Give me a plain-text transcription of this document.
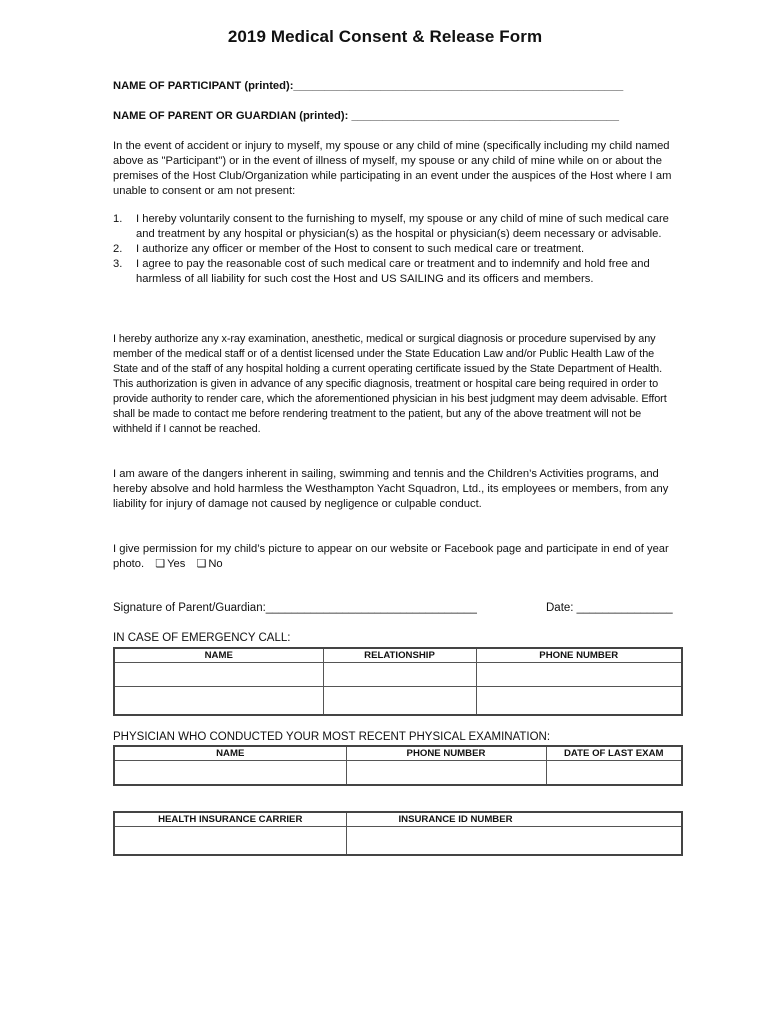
2019 Medical Consent & Release Form
NAME OF PARTICIPANT (printed):_____________________________________________________
NAME OF PARENT OR GUARDIAN (printed): ___________________________________________

In the event of accident or injury to myself, my spouse or any child of mine (specifically including my child named above as "Participant") or in the event of illness of myself, my spouse or any child of mine while on or about the premises of the Host Club/Organization while participating in an event under the auspices of the Host where I am unable to consent or am not present:

1. I hereby voluntarily consent to the furnishing to myself, my spouse or any child of mine of such medical care and treatment by any hospital or physician(s) as the hospital or physician(s) deem necessary or advisable.
2. I authorize any officer or member of the Host to consent to such medical care or treatment.
3. I agree to pay the reasonable cost of such medical care or treatment and to indemnify and hold free and harmless of all liability for such cost the Host and US SAILING and its officers and members.

I hereby authorize any x-ray examination, anesthetic, medical or surgical diagnosis or procedure supervised by any member of the medical staff or of a dentist licensed under the State Education Law and/or Public Health Law of the State and of the staff of any hospital holding a current operating certificate issued by the State Department of Health. This authorization is given in advance of any specific diagnosis, treatment or hospital care being required in order to provide authority to render care, which the aforementioned physician in his best judgment may deem advisable. Effort shall be made to contact me before rendering treatment to the patient, but any of the above treatment will not be withheld if I cannot be reached.

I am aware of the dangers inherent in sailing, swimming and tennis and the Children’s Activities programs, and hereby absolve and hold harmless the Westhampton Yacht Squadron, Ltd., its employees or members, from any liability for injury of damage not caused by negligence or culpable conduct.

I give permission for my child’s picture to appear on our website or Facebook page and participate in end of year photo. ❏ Yes ❏ No

Signature of Parent/Guardian:_________________________________	Date: _______________
IN CASE OF EMERGENCY CALL:
NAME	RELATIONSHIP	PHONE NUMBER

PHYSICIAN WHO CONDUCTED YOUR MOST RECENT PHYSICAL EXAMINATION:
NAME	PHONE NUMBER	DATE OF LAST EXAM

HEALTH INSURANCE CARRIER	INSURANCE ID NUMBER
